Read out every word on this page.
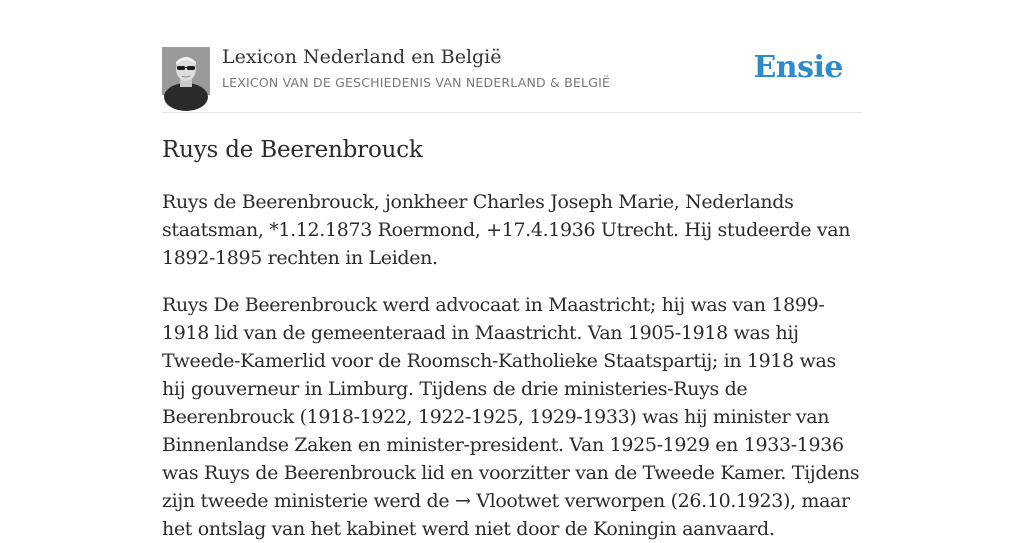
Lexicon Nederland en België
LEXICON VAN DE GESCHIEDENIS VAN NEDERLAND & BELGIË	Ensie
Ruys de Beerenbrouck

Ruys de Beerenbrouck, jonkheer Charles Joseph Marie, Nederlands staatsman, *1.12.1873 Roermond, +17.4.1936 Utrecht. Hij studeerde van 1892-1895 rechten in Leiden.

Ruys De Beerenbrouck werd advocaat in Maastricht; hij was van 1899-1918 lid van de gemeenteraad in Maastricht. Van 1905-1918 was hij Tweede-Kamerlid voor de Roomsch-Katholieke Staatspartij; in 1918 was hij gouverneur in Limburg. Tijdens de drie ministeries-Ruys de Beerenbrouck (1918-1922, 1922-1925, 1929-1933) was hij minister van Binnenlandse Zaken en minister-president. Van 1925-1929 en 1933-1936 was Ruys de Beerenbrouck lid en voorzitter van de Tweede Kamer. Tijdens zijn tweede ministerie werd de → Vlootwet verworpen (26.10.1923), maar het ontslag van het kabinet werd niet door de Koningin aanvaard.
